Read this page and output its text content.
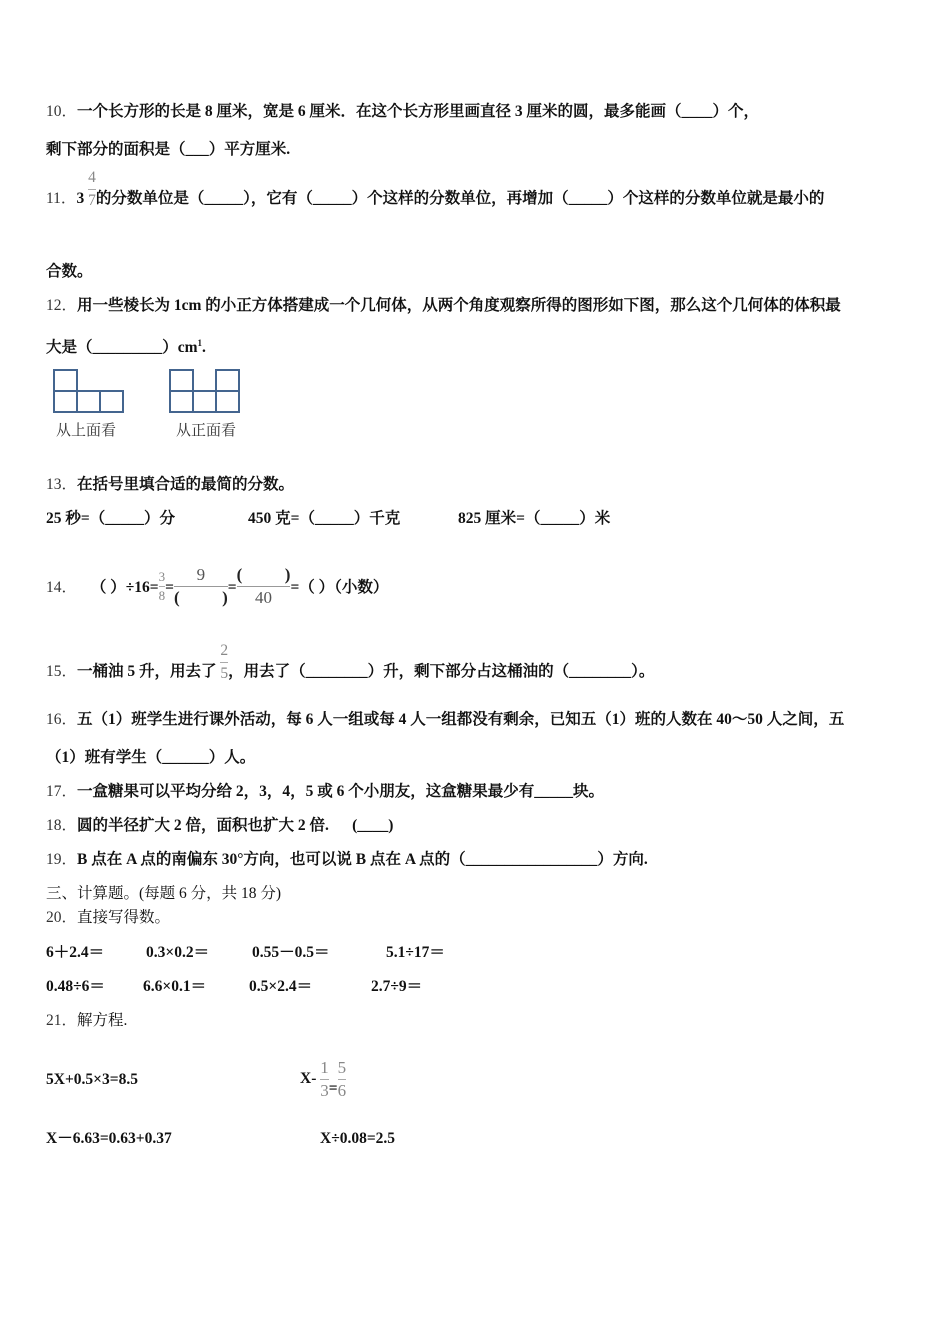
10．一个长方形的长是 8 厘米，宽是 6 厘米．在这个长方形里画直径 3 厘米的圆，最多能画（____）个，
剩下部分的面积是（___）平方厘米.
11．$3 \frac{4}{7}$ 的分数单位是（_____），它有（_____）个这样的分数单位，再增加（_____）个这样的分数单位就是最小的
合数。
12．用一些棱长为 1cm 的小正方体搭建成一个几何体，从两个角度观察所得的图形如下图，那么这个几何体的体积最
大是$(\_\_\_\_\_\_\_\_\_)cm^1$.
从上面看	从正面看
13．在括号里填合适的最简的分数。
25 秒=（_____）分	450 克=（_____）千克	825 厘米=（_____）米
14． （ ）$\div 16= \frac{3}{8} = \frac{9}{( )} = \frac{( )}{40}$ =（ ）（小数）
15．一桶油 5 升，用去了 $\frac{2}{5}$ ，用去了（________）升，剩下部分占这桶油的（________）。
16．五（1）班学生进行课外活动，每 6 人一组或每 4 人一组都没有剩余，已知五（1）班的人数在 40～50 人之间，五
（1）班有学生（______）人。
17．一盒糖果可以平均分给 2，3，4，5 或 6 个小朋友，这盒糖果最少有_____块。
18．圆的半径扩大 2 倍，面积也扩大 2 倍.      (____)
19．B 点在 A 点的南偏东 30°方向，也可以说 B 点在 A 点的（_________________）方向.
三、计算题。(每题 6 分，共 18 分)
20．直接写得数。
6＋2.4＝	0.3×0.2＝	0.55－0.5＝	5.1÷17＝
0.48÷6＝ 6.6×0.1＝	0.5×2.4＝	2.7÷9＝
21．解方程.
5X+0.5×3=8.5	$X- \frac{1}{3} = \frac{5}{6}$
X－6.63=0.63+0.37	X÷0.08=2.5
